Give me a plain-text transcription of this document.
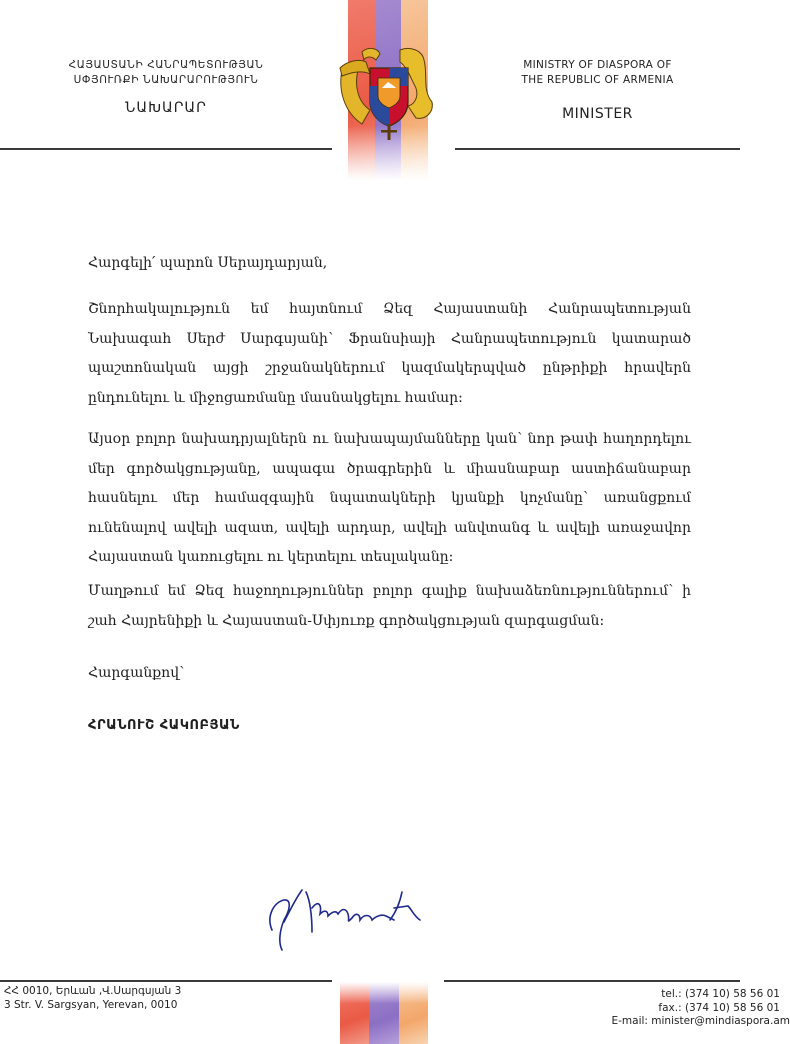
ՀԱՅԱՍՏԱՆԻ ՀԱՆՐԱՊԵՏՈՒԹՅԱՆ
ՍՓՅՈՒՌՔԻ ՆԱԽԱՐԱՐՈՒԹՅՈՒՆ
ՆԱԽԱՐԱՐ
MINISTRY OF DIASPORA OF
THE REPUBLIC OF ARMENIA
MINISTER
Հարգելի՛ պարոն Սերայդարյան,
Շնորհակալություն եմ հայտնում Ձեզ Հայաստանի Հանրապետության Նախագահ Սերժ Սարգսյանի՝ Ֆրանսիայի Հանրապետություն կատարած պաշտոնական այցի շրջանակներում կազմակերպված ընթրիքի հրավերն ընդունելու և միջոցառմանը մասնակցելու համար:
Այսօր բոլոր նախադրյալներն ու նախապայմանները կան՝ նոր թափ հաղորդելու մեր գործակցությանը, ապագա ծրագրերին և միասնաբար աստիճանաբար հասնելու մեր համազգային նպատակների կյանքի կոչմանը՝ առանցքում ունենալով ավելի ազատ, ավելի արդար, ավելի անվտանգ և ավելի առաջավոր Հայաստան կառուցելու ու կերտելու տեսլականը:
Մաղթում եմ Ձեզ հաջողություններ բոլոր գալիք նախաձեռնություններում՝ ի շահ Հայրենիքի և Հայաստան-Սփյուռք գործակցության զարգացման:
Հարգանքով՝
ՀՐԱՆՈՒՇ ՀԱԿՈԲՅԱՆ
ՀՀ 0010, Երևան ,Վ.Սարգսյան 3
3 Str. V. Sargsyan, Yerevan, 0010
tel.: (374 10) 58 56 01
fax.: (374 10) 58 56 01
E-mail: minister@mindiaspora.am
